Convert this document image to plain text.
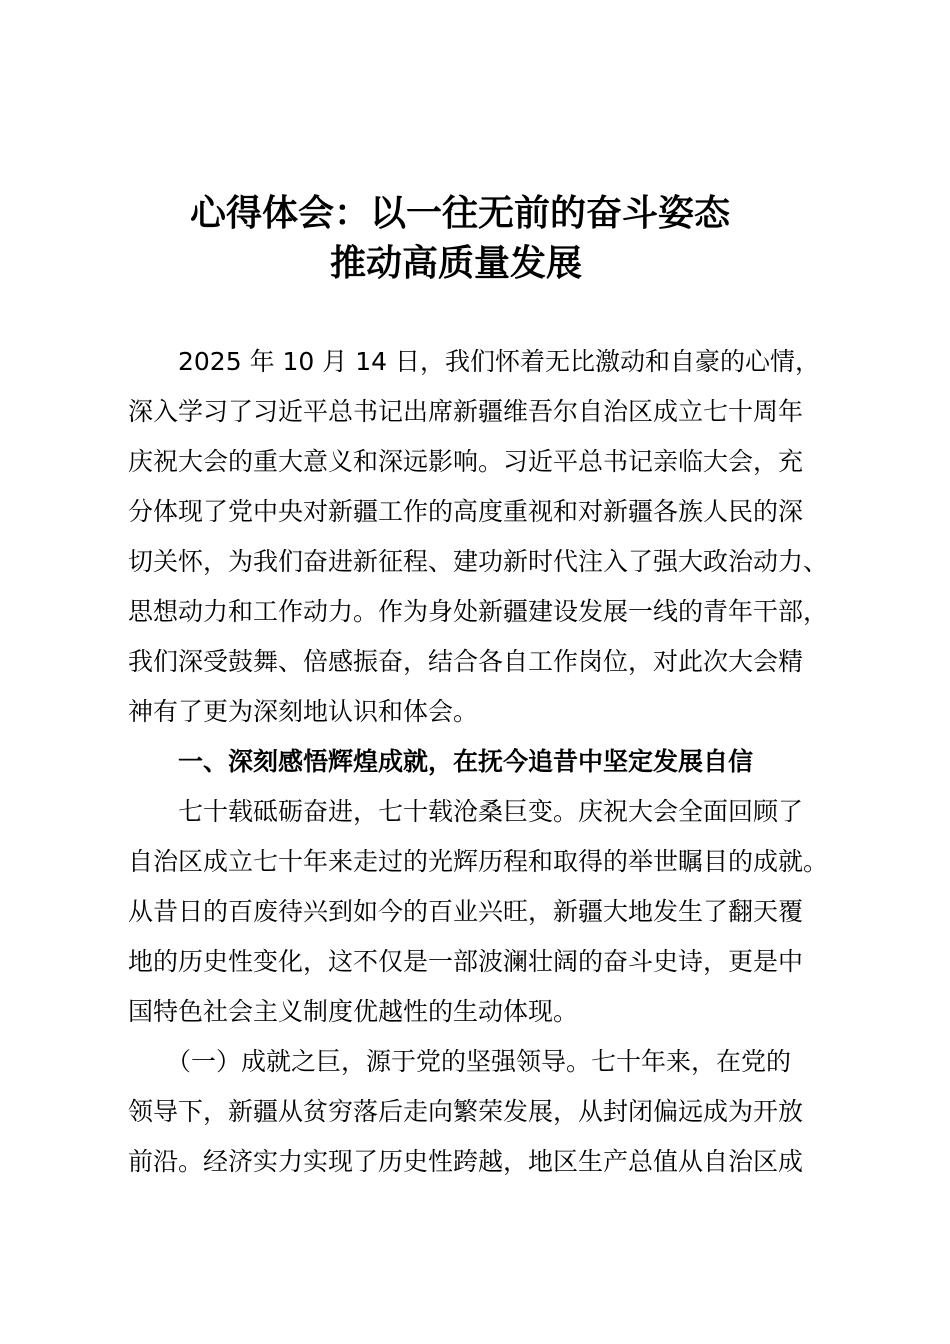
心得体会：以一往无前的奋斗姿态
推动高质量发展
2025 年 10 月 14 日，我们怀着无比激动和自豪的心情，
深入学习了习近平总书记出席新疆维吾尔自治区成立七十周年
庆祝大会的重大意义和深远影响。习近平总书记亲临大会，充
分体现了党中央对新疆工作的高度重视和对新疆各族人民的深
切关怀，为我们奋进新征程、建功新时代注入了强大政治动力、
思想动力和工作动力。作为身处新疆建设发展一线的青年干部，
我们深受鼓舞、倍感振奋，结合各自工作岗位，对此次大会精
神有了更为深刻地认识和体会。
一、深刻感悟辉煌成就，在抚今追昔中坚定发展自信
七十载砥砺奋进，七十载沧桑巨变。庆祝大会全面回顾了
自治区成立七十年来走过的光辉历程和取得的举世瞩目的成就。
从昔日的百废待兴到如今的百业兴旺，新疆大地发生了翻天覆
地的历史性变化，这不仅是一部波澜壮阔的奋斗史诗，更是中
国特色社会主义制度优越性的生动体现。
（一）成就之巨，源于党的坚强领导。七十年来，在党的
领导下，新疆从贫穷落后走向繁荣发展，从封闭偏远成为开放
前沿。经济实力实现了历史性跨越，地区生产总值从自治区成
